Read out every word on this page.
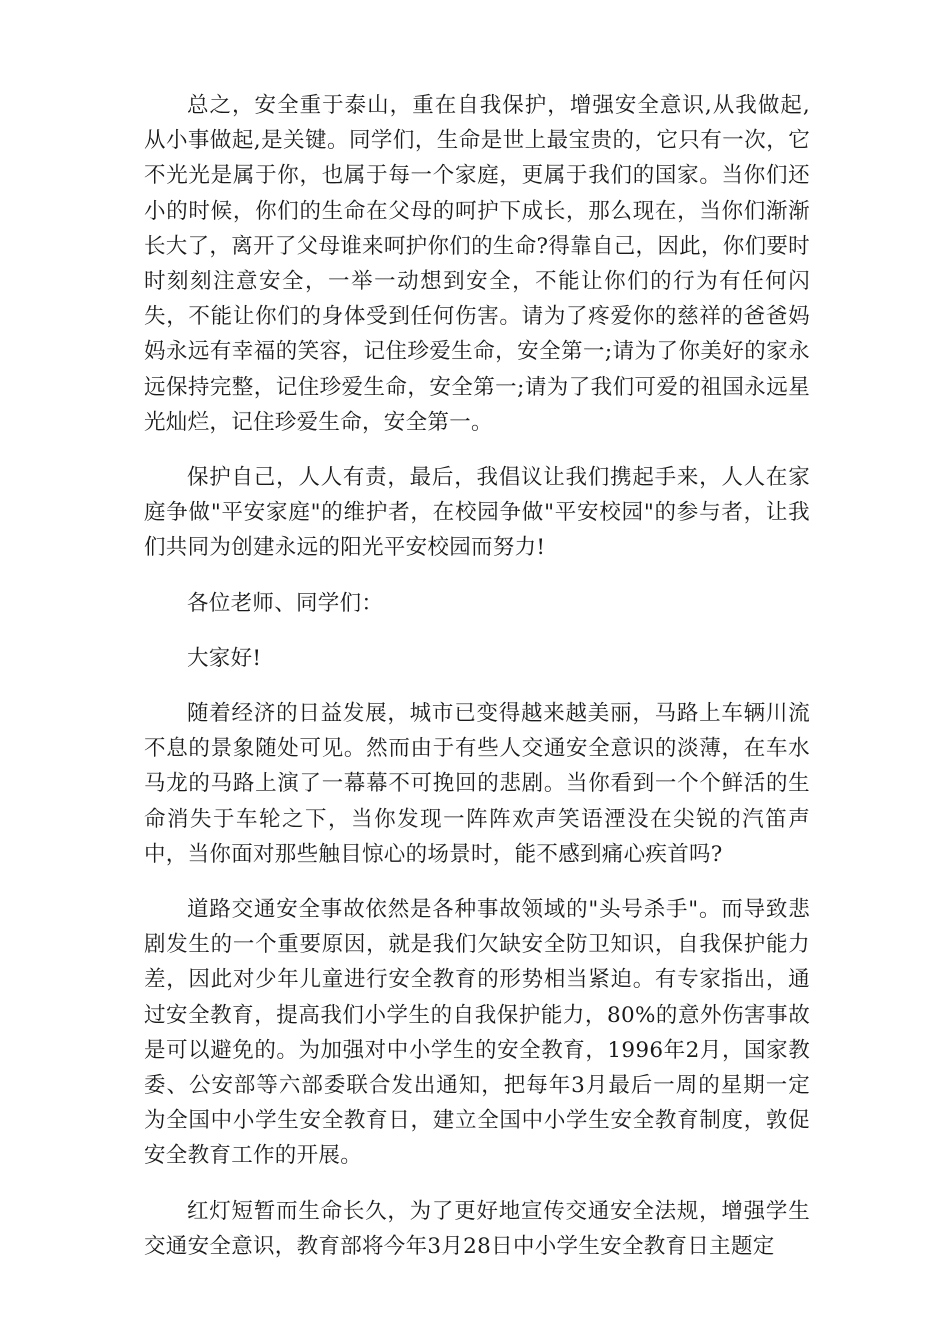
总之，安全重于泰山，重在自我保护，增强安全意识,从我做起,从小事做起,是关键。同学们，生命是世上最宝贵的，它只有一次，它不光光是属于你，也属于每一个家庭，更属于我们的国家。当你们还小的时候，你们的生命在父母的呵护下成长，那么现在，当你们渐渐长大了，离开了父母谁来呵护你们的生命?得靠自己，因此，你们要时时刻刻注意安全，一举一动想到安全，不能让你们的行为有任何闪失，不能让你们的身体受到任何伤害。请为了疼爱你的慈祥的爸爸妈妈永远有幸福的笑容，记住珍爱生命，安全第一;请为了你美好的家永远保持完整，记住珍爱生命，安全第一;请为了我们可爱的祖国永远星光灿烂，记住珍爱生命，安全第一。

保护自己，人人有责，最后，我倡议让我们携起手来，人人在家庭争做"平安家庭"的维护者，在校园争做"平安校园"的参与者，让我们共同为创建永远的阳光平安校园而努力!

各位老师、同学们：

大家好!

随着经济的日益发展，城市已变得越来越美丽，马路上车辆川流不息的景象随处可见。然而由于有些人交通安全意识的淡薄，在车水马龙的马路上演了一幕幕不可挽回的悲剧。当你看到一个个鲜活的生命消失于车轮之下，当你发现一阵阵欢声笑语湮没在尖锐的汽笛声中，当你面对那些触目惊心的场景时，能不感到痛心疾首吗?

道路交通安全事故依然是各种事故领域的"头号杀手"。而导致悲剧发生的一个重要原因，就是我们欠缺安全防卫知识，自我保护能力差，因此对少年儿童进行安全教育的形势相当紧迫。有专家指出，通过安全教育，提高我们小学生的自我保护能力，80%的意外伤害事故是可以避免的。为加强对中小学生的安全教育，1996年2月，国家教委、公安部等六部委联合发出通知，把每年3月最后一周的星期一定为全国中小学生安全教育日，建立全国中小学生安全教育制度，敦促安全教育工作的开展。

红灯短暂而生命长久，为了更好地宣传交通安全法规，增强学生交通安全意识，教育部将今年3月28日中小学生安全教育日主题定
